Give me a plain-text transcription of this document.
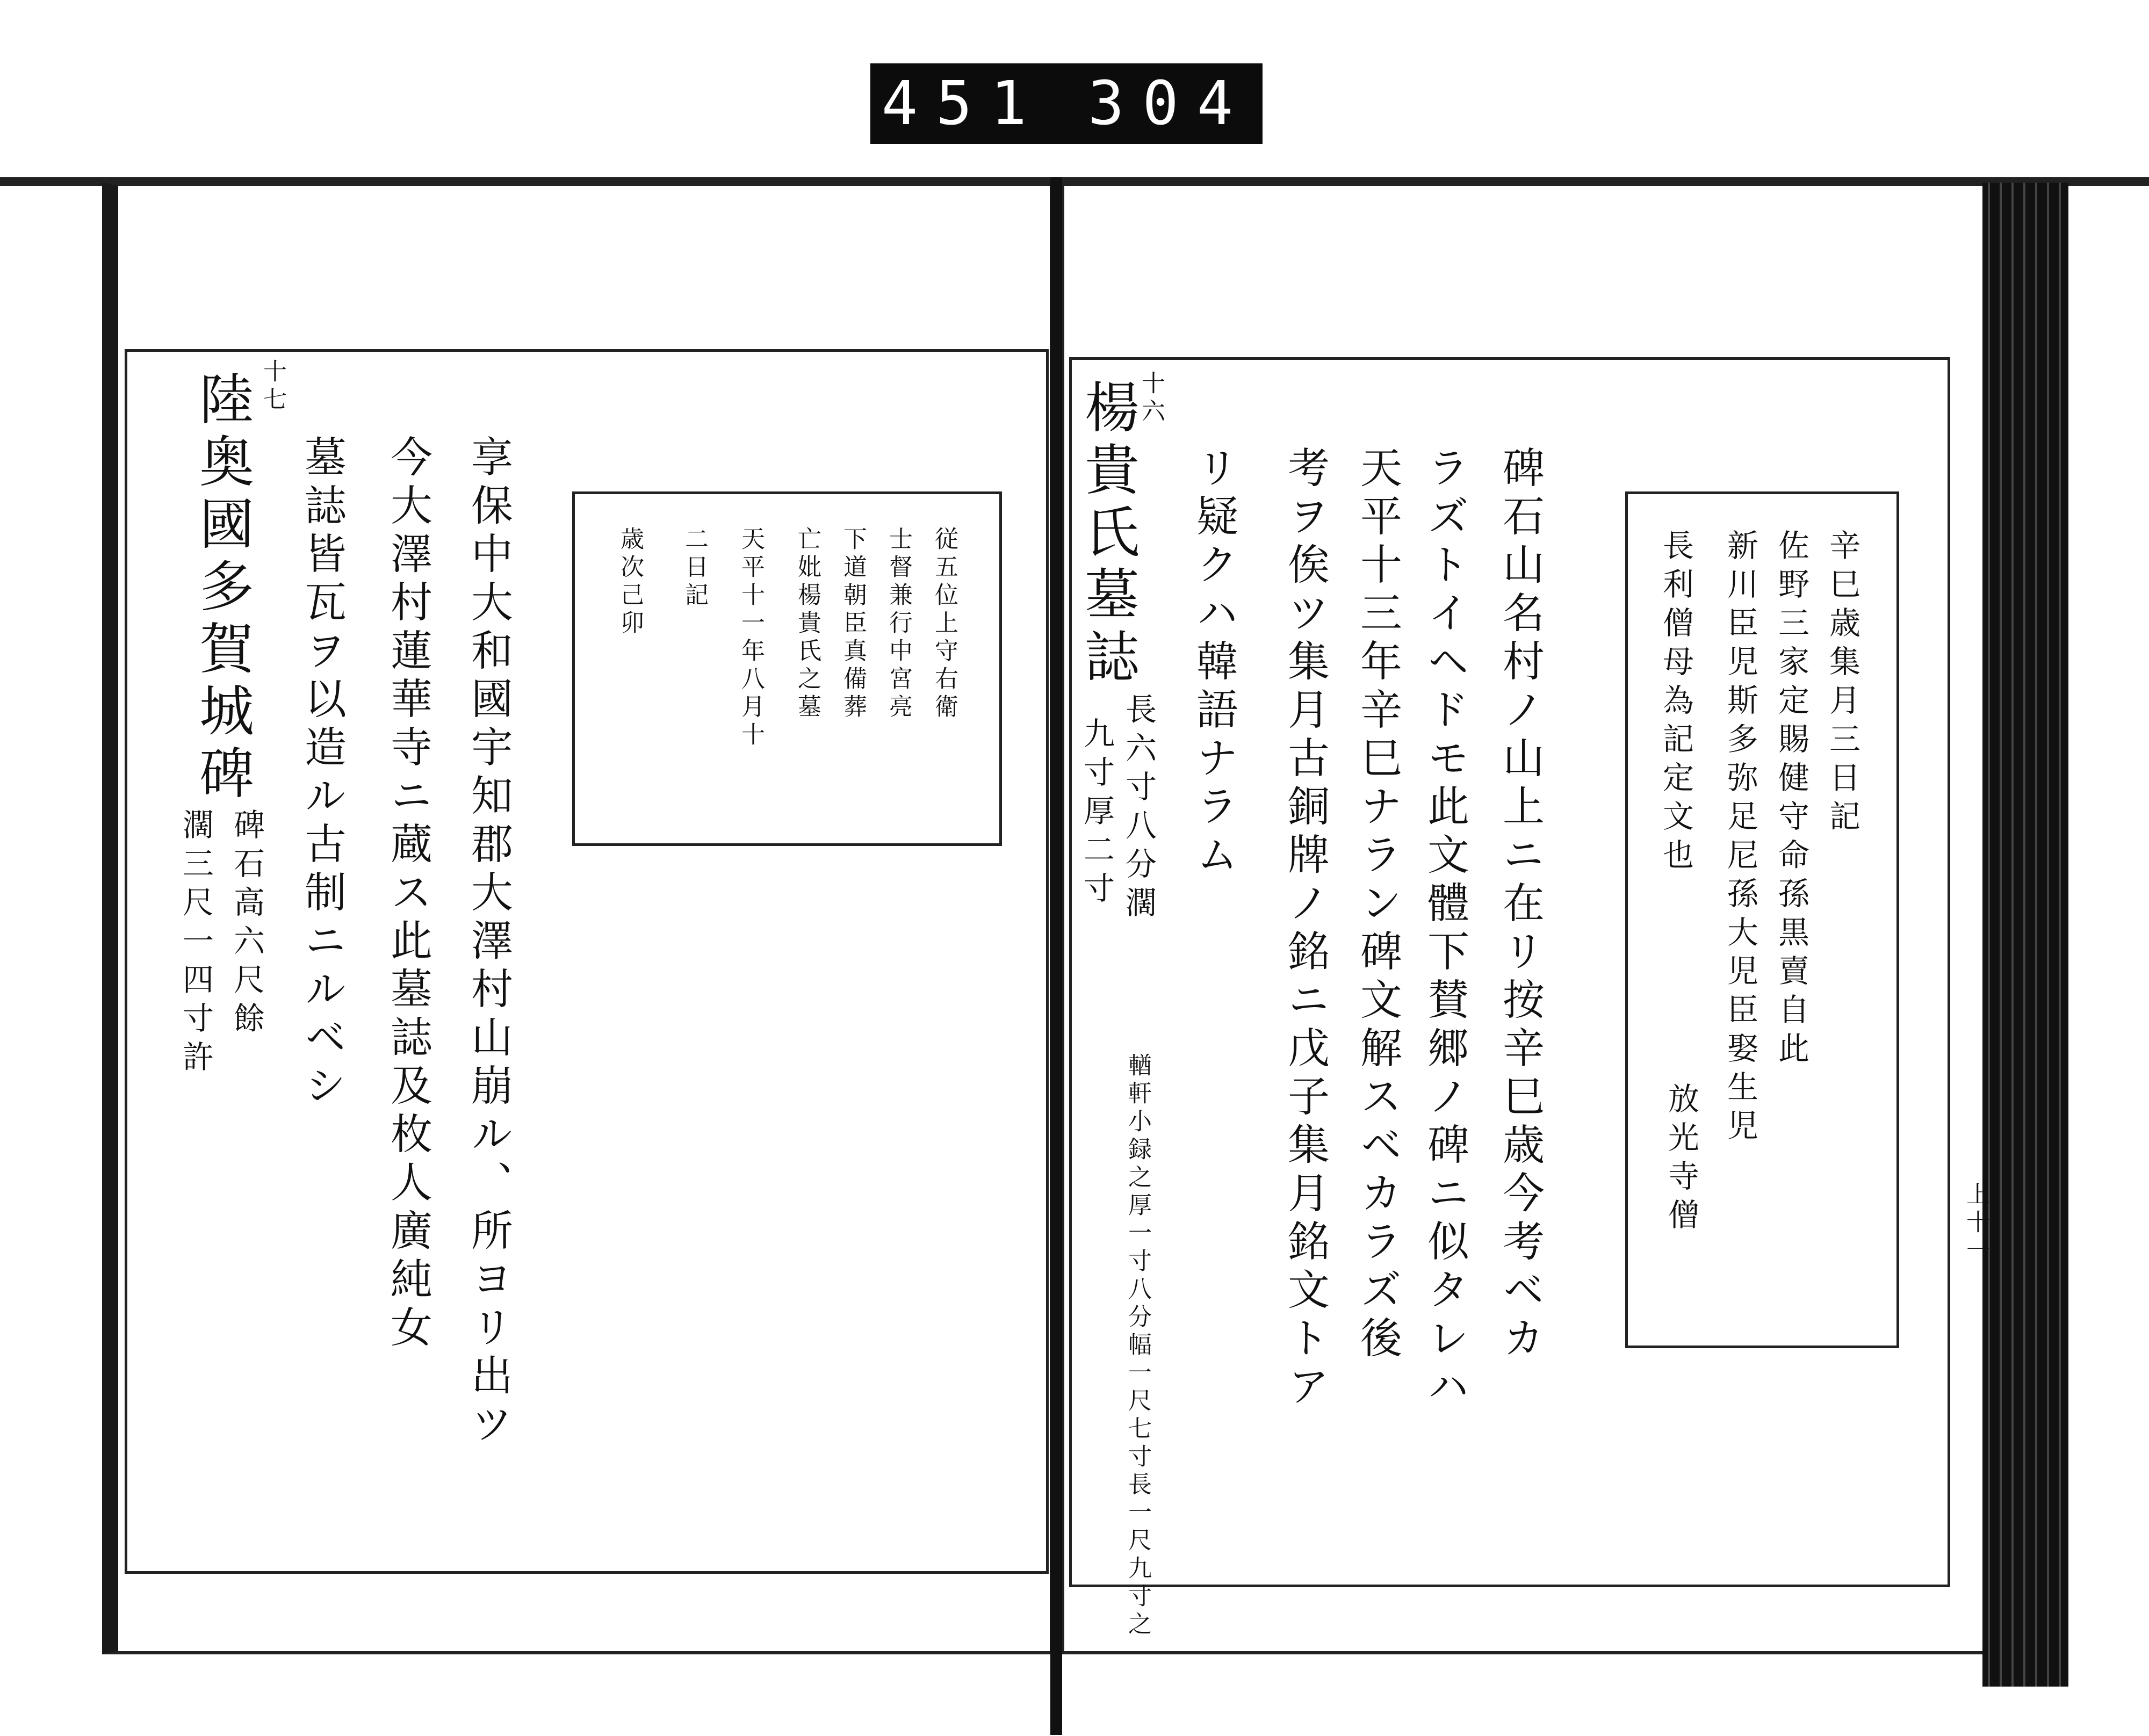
451 304
十七
陸奥國多賀城碑
碑石高六尺餘
濶三尺一四寸許	享保中大和國宇知郡大澤村山崩ル、所ヨリ出ツ
今大澤村蓮華寺ニ蔵ス此墓誌及枚人廣純女
墓誌皆瓦ヲ以造ル古制ニルベシ	従五位上守右衛
士督兼行中宮亮
下道朝臣真備葬
亡妣楊貴氏之墓
天平十一年八月十
二日記
歳次己卯
十六
楊貴氏墓誌
長六寸八分濶
九寸厚二寸
輶軒小録之厚一寸八分幅一尺七寸長一尺九寸之	碑石山名村ノ山上ニ在リ按辛巳歳今考ベカ
ラズトイヘドモ此文體下賛郷ノ碑ニ似タレハ
天平十三年辛巳ナラン碑文解スベカラズ後
考ヲ俟ツ集月古銅牌ノ銘ニ戊子集月銘文トア
リ疑クハ韓語ナラム	辛巳歳集月三日記
佐野三家定賜健守命孫黒賣自此
新川臣児斯多弥足尼孫大児臣娶生児
長利僧母為記定文也
放光寺僧	上十一
